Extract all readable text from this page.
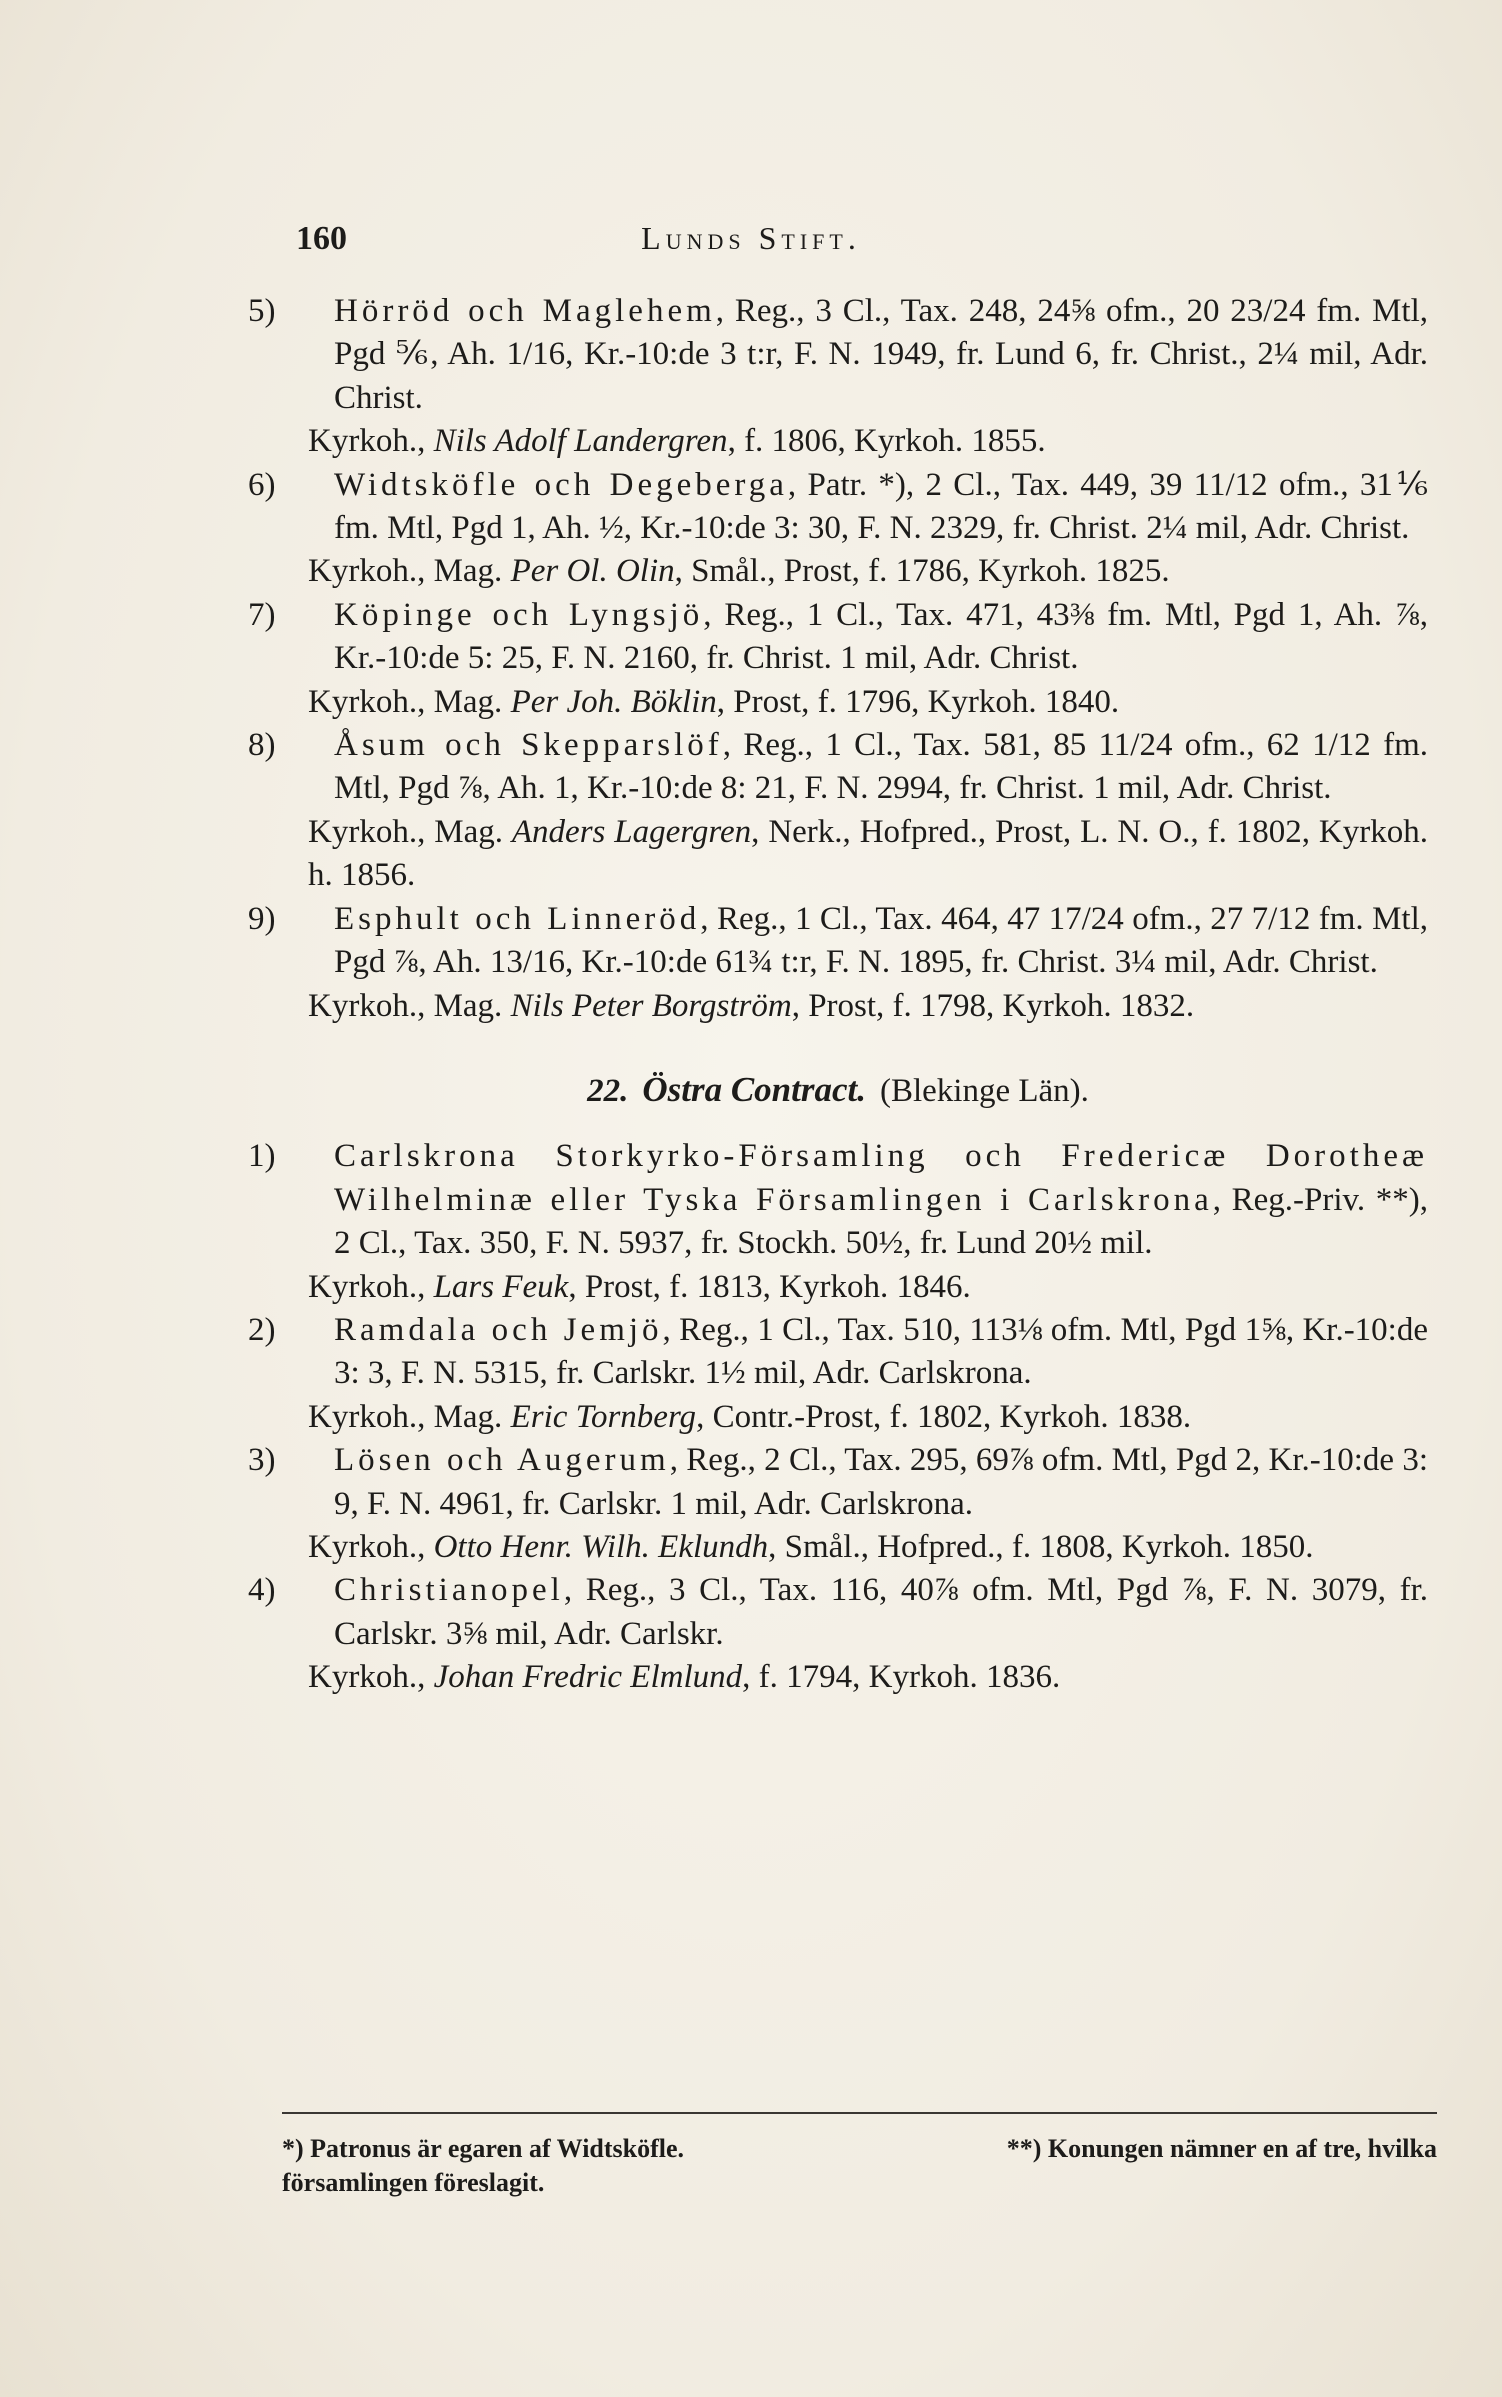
160	Lunds Stift.
5) Hörröd och Maglehem, Reg., 3 Cl., Tax. 248, 24⅝ ofm., 20 23/24 fm. Mtl, Pgd ⅚, Ah. 1/16, Kr.-10:de 3 t:r, F. N. 1949, fr. Lund 6, fr. Christ., 2¼ mil, Adr. Christ.
Kyrkoh., Nils Adolf Landergren, f. 1806, Kyrkoh. 1855.
6) Widtsköfle och Degeberga, Patr. *), 2 Cl., Tax. 449, 39 11/12 ofm., 31⅙ fm. Mtl, Pgd 1, Ah. ½, Kr.-10:de 3: 30, F. N. 2329, fr. Christ. 2¼ mil, Adr. Christ.
Kyrkoh., Mag. Per Ol. Olin, Smål., Prost, f. 1786, Kyrkoh. 1825.
7) Köpinge och Lyngsjö, Reg., 1 Cl., Tax. 471, 43⅜ fm. Mtl, Pgd 1, Ah. ⅞, Kr.-10:de 5: 25, F. N. 2160, fr. Christ. 1 mil, Adr. Christ.
Kyrkoh., Mag. Per Joh. Böklin, Prost, f. 1796, Kyrkoh. 1840.
8) Åsum och Skepparslöf, Reg., 1 Cl., Tax. 581, 85 11/24 ofm., 62 1/12 fm. Mtl, Pgd ⅞, Ah. 1, Kr.-10:de 8: 21, F. N. 2994, fr. Christ. 1 mil, Adr. Christ.
Kyrkoh., Mag. Anders Lagergren, Nerk., Hofpred., Prost, L. N. O., f. 1802, Kyrkoh. h. 1856.
9) Esphult och Linneröd, Reg., 1 Cl., Tax. 464, 47 17/24 ofm., 27 7/12 fm. Mtl, Pgd ⅞, Ah. 13/16, Kr.-10:de 61¾ t:r, F. N. 1895, fr. Christ. 3¼ mil, Adr. Christ.
Kyrkoh., Mag. Nils Peter Borgström, Prost, f. 1798, Kyrkoh. 1832.
22. Östra Contract. (Blekinge Län).
1) Carlskrona Storkyrko-Församling och Fredericæ Dorotheæ Wilhelminæ eller Tyska Församlingen i Carlskrona, Reg.-Priv. **), 2 Cl., Tax. 350, F. N. 5937, fr. Stockh. 50½, fr. Lund 20½ mil.
Kyrkoh., Lars Feuk, Prost, f. 1813, Kyrkoh. 1846.
2) Ramdala och Jemjö, Reg., 1 Cl., Tax. 510, 113⅛ ofm. Mtl, Pgd 1⅝, Kr.-10:de 3: 3, F. N. 5315, fr. Carlskr. 1½ mil, Adr. Carlskrona.
Kyrkoh., Mag. Eric Tornberg, Contr.-Prost, f. 1802, Kyrkoh. 1838.
3) Lösen och Augerum, Reg., 2 Cl., Tax. 295, 69⅞ ofm. Mtl, Pgd 2, Kr.-10:de 3: 9, F. N. 4961, fr. Carlskr. 1 mil, Adr. Carlskrona.
Kyrkoh., Otto Henr. Wilh. Eklundh, Smål., Hofpred., f. 1808, Kyrkoh. 1850.
4) Christianopel, Reg., 3 Cl., Tax. 116, 40⅞ ofm. Mtl, Pgd ⅞, F. N. 3079, fr. Carlskr. 3⅝ mil, Adr. Carlskr.
Kyrkoh., Johan Fredric Elmlund, f. 1794, Kyrkoh. 1836.
*) Patronus är egaren af Widtsköfle.	**) Konungen nämner en af tre, hvilka
församlingen föreslagit.
